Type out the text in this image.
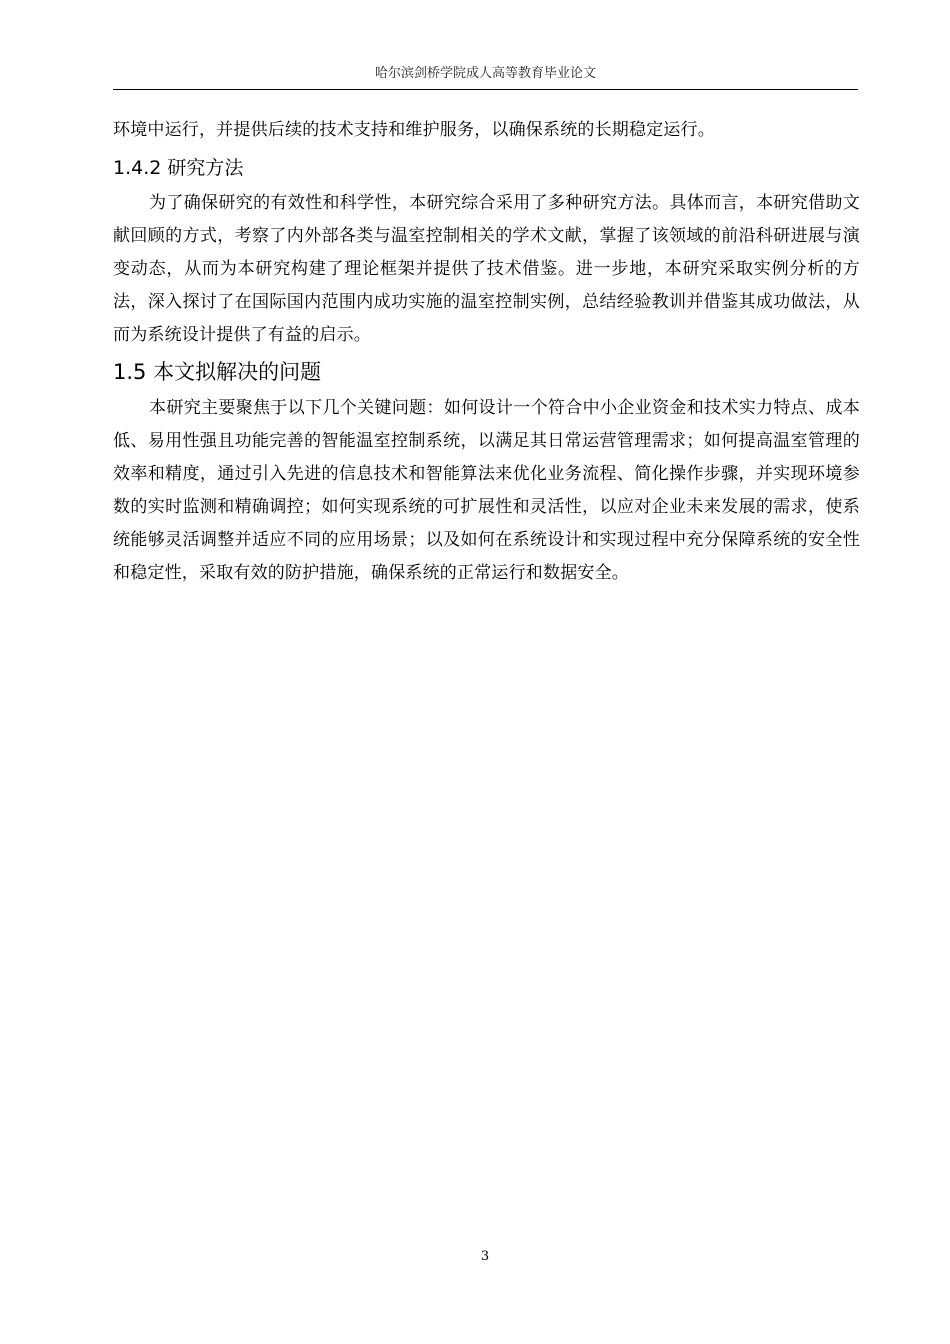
哈尔滨剑桥学院成人高等教育毕业论文

环境中运行，并提供后续的技术支持和维护服务，以确保系统的长期稳定运行。

1.4.2 研究方法

为了确保研究的有效性和科学性，本研究综合采用了多种研究方法。具体而言，本研究借助文献回顾的方式，考察了内外部各类与温室控制相关的学术文献，掌握了该领域的前沿科研进展与演变动态，从而为本研究构建了理论框架并提供了技术借鉴。进一步地，本研究采取实例分析的方法，深入探讨了在国际国内范围内成功实施的温室控制实例，总结经验教训并借鉴其成功做法，从而为系统设计提供了有益的启示。

1.5 本文拟解决的问题

本研究主要聚焦于以下几个关键问题：如何设计一个符合中小企业资金和技术实力特点、成本低、易用性强且功能完善的智能温室控制系统，以满足其日常运营管理需求；如何提高温室管理的效率和精度，通过引入先进的信息技术和智能算法来优化业务流程、简化操作步骤，并实现环境参数的实时监测和精确调控；如何实现系统的可扩展性和灵活性，以应对企业未来发展的需求，使系统能够灵活调整并适应不同的应用场景；以及如何在系统设计和实现过程中充分保障系统的安全性和稳定性，采取有效的防护措施，确保系统的正常运行和数据安全。

3
